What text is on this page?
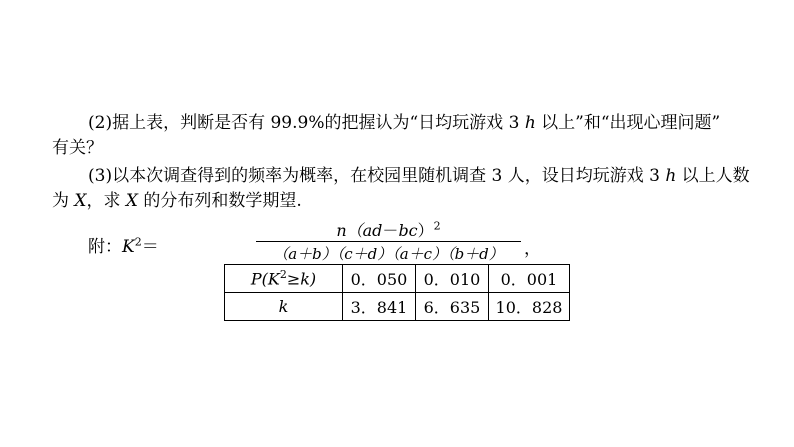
(2)据上表，判断是否有 99.9%的把握认为“日均玩游戏 3 h 以上”和“出现心理问题”
有关？
(3)以本次调查得到的频率为概率，在校园里随机调查 3 人，设日均玩游戏 3 h 以上人数
为 X，求 X 的分布列和数学期望.
附：$K^2=$
$n(ad-bc)^2$
（a＋b）（c＋d）（a＋c）（b＋d）	，
$P(K^2\ge k)$	0．050	0．010	0．001
k	3．841	6．635	10．828
